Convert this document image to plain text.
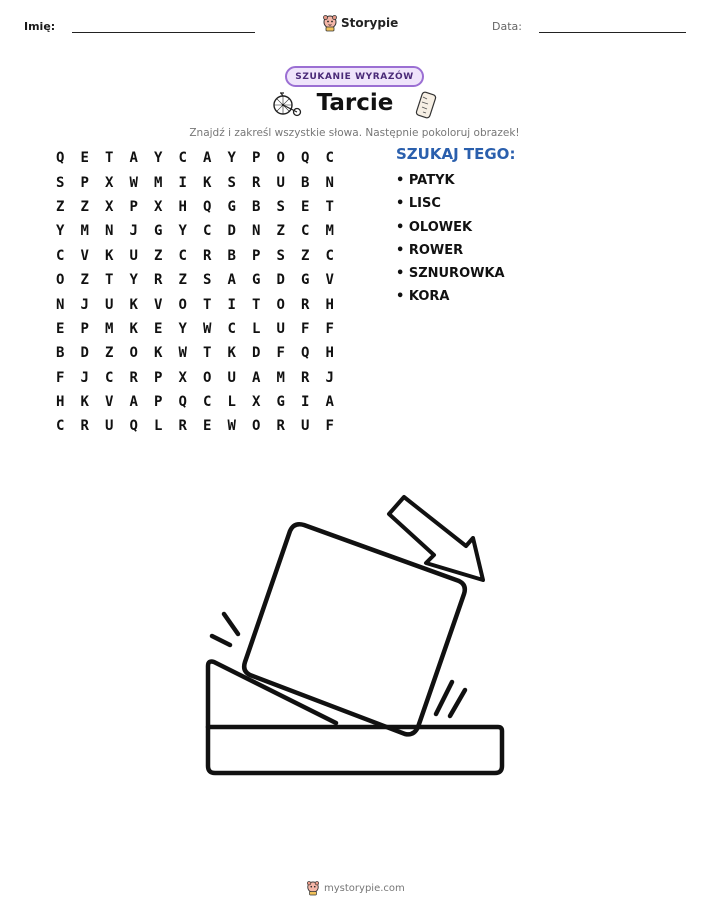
Imię:	Storypie	Data:
SZUKANIE WYRAZÓW
Tarcie
Znajdź i zakreśl wszystkie słowa. Następnie pokoloruj obrazek!
Q	E	T	A	Y	C	A	Y	P	O	Q	C
S	P	X	W	M	I	K	S	R	U	B	N
Z	Z	X	P	X	H	Q	G	B	S	E	T
Y	M	N	J	G	Y	C	D	N	Z	C	M
C	V	K	U	Z	C	R	B	P	S	Z	C
O	Z	T	Y	R	Z	S	A	G	D	G	V
N	J	U	K	V	O	T	I	T	O	R	H
E	P	M	K	E	Y	W	C	L	U	F	F
B	D	Z	O	K	W	T	K	D	F	Q	H
F	J	C	R	P	X	O	U	A	M	R	J
H	K	V	A	P	Q	C	L	X	G	I	A
C	R	U	Q	L	R	E	W	O	R	U	F
SZUKAJ TEGO:
• PATYK
• LISC
• OLOWEK
• ROWER
• SZNUROWKA
• KORA
mystorypie.com
